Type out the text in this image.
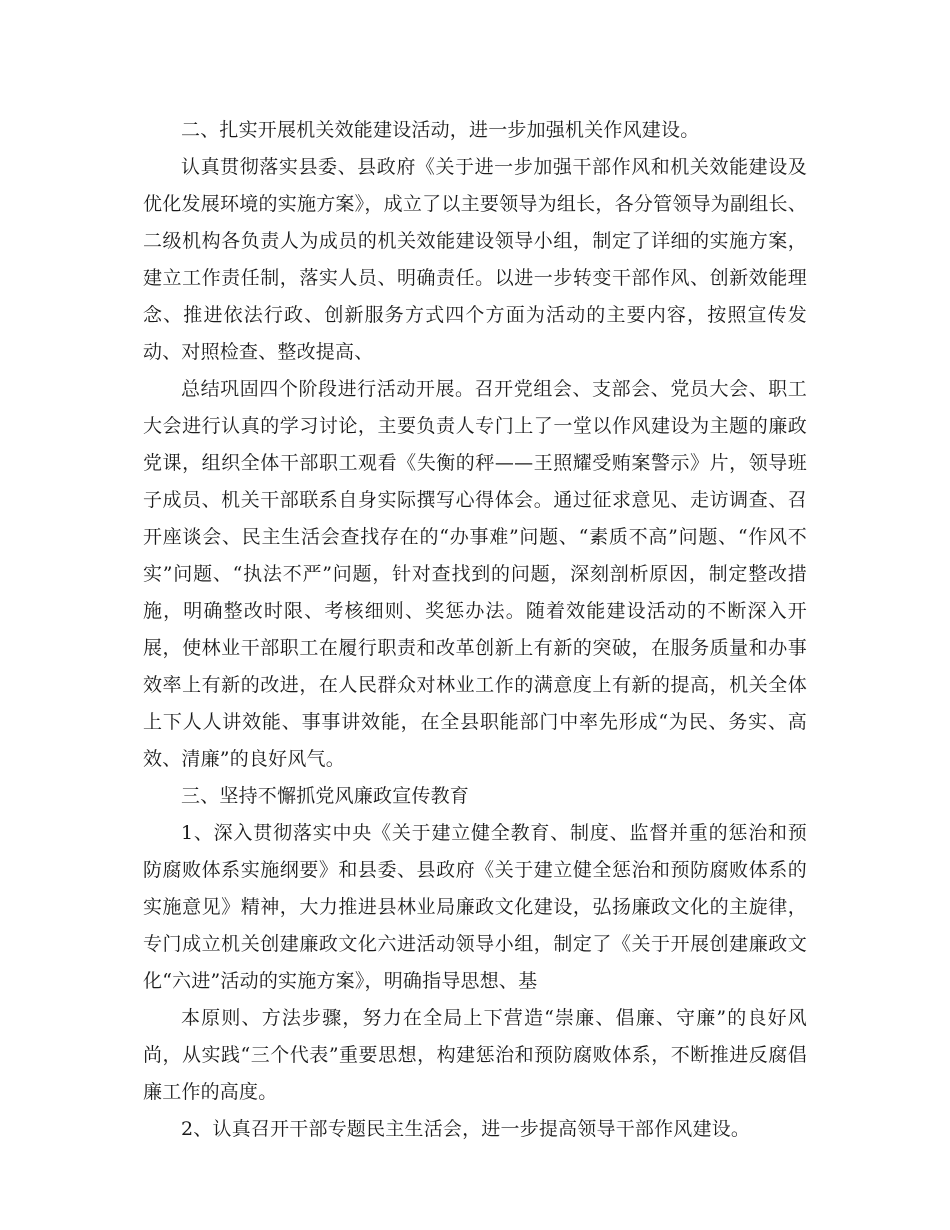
二、扎实开展机关效能建设活动，进一步加强机关作风建设。

认真贯彻落实县委、县政府《关于进一步加强干部作风和机关效能建设及优化发展环境的实施方案》，成立了以主要领导为组长，各分管领导为副组长、二级机构各负责人为成员的机关效能建设领导小组，制定了详细的实施方案，建立工作责任制，落实人员、明确责任。以进一步转变干部作风、创新效能理念、推进依法行政、创新服务方式四个方面为活动的主要内容，按照宣传发动、对照检查、整改提高、

总结巩固四个阶段进行活动开展。召开党组会、支部会、党员大会、职工大会进行认真的学习讨论，主要负责人专门上了一堂以作风建设为主题的廉政党课，组织全体干部职工观看《失衡的秤——王照耀受贿案警示》片，领导班子成员、机关干部联系自身实际撰写心得体会。通过征求意见、走访调查、召开座谈会、民主生活会查找存在的“办事难”问题、“素质不高”问题、“作风不实”问题、“执法不严”问题，针对查找到的问题，深刻剖析原因，制定整改措施，明确整改时限、考核细则、奖惩办法。随着效能建设活动的不断深入开展，使林业干部职工在履行职责和改革创新上有新的突破，在服务质量和办事效率上有新的改进，在人民群众对林业工作的满意度上有新的提高，机关全体上下人人讲效能、事事讲效能，在全县职能部门中率先形成“为民、务实、高效、清廉”的良好风气。

三、坚持不懈抓党风廉政宣传教育

1、深入贯彻落实中央《关于建立健全教育、制度、监督并重的惩治和预防腐败体系实施纲要》和县委、县政府《关于建立健全惩治和预防腐败体系的实施意见》精神，大力推进县林业局廉政文化建设，弘扬廉政文化的主旋律，专门成立机关创建廉政文化六进活动领导小组，制定了《关于开展创建廉政文化“六进”活动的实施方案》，明确指导思想、基

本原则、方法步骤，努力在全局上下营造“崇廉、倡廉、守廉”的良好风尚，从实践“三个代表”重要思想，构建惩治和预防腐败体系，不断推进反腐倡廉工作的高度。

2、认真召开干部专题民主生活会，进一步提高领导干部作风建设。
